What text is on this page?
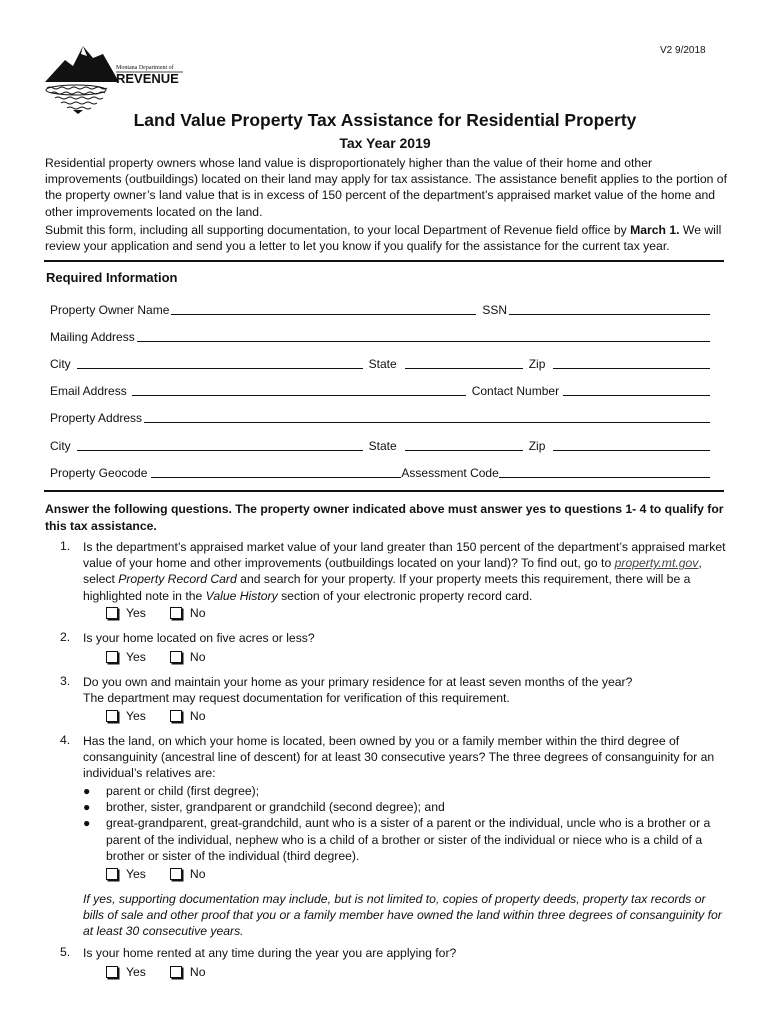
V2 9/2018
Montana Department of
REVENUE
Land Value Property Tax Assistance for Residential Property
Tax Year 2019
Residential property owners whose land value is disproportionately higher than the value of their home and other improvements (outbuildings) located on their land may apply for tax assistance. The assistance benefit applies to the portion of the property owner’s land value that is in excess of 150 percent of the department’s appraised market value of the home and other improvements located on the land.
Submit this form, including all supporting documentation, to your local Department of Revenue field office by March 1. We will review your application and send you a letter to let you know if you qualify for the assistance for the current tax year.
Required Information
Property Owner Name	SSN
Mailing Address
City	State	Zip
Email Address	Contact Number
Property Address
City	State	Zip
Property Geocode	Assessment Code
Answer the following questions. The property owner indicated above must answer yes to questions 1- 4 to qualify for this tax assistance.
1. Is the department’s appraised market value of your land greater than 150 percent of the department’s appraised market value of your home and other improvements (outbuildings located on your land)? To find out, go to property.mt.gov, select Property Record Card and search for your property. If your property meets this requirement, there will be a highlighted note in the Value History section of your electronic property record card.
Yes	No
2. Is your home located on five acres or less?
Yes	No
3. Do you own and maintain your home as your primary residence for at least seven months of the year?
The department may request documentation for verification of this requirement.
Yes	No
4. Has the land, on which your home is located, been owned by you or a family member within the third degree of consanguinity (ancestral line of descent) for at least 30 consecutive years? The three degrees of consanguinity for an individual’s relatives are:
● parent or child (first degree);
● brother, sister, grandparent or grandchild (second degree); and
● great-grandparent, great-grandchild, aunt who is a sister of a parent or the individual, uncle who is a brother or a parent of the individual, nephew who is a child of a brother or sister of the individual or niece who is a child of a brother or sister of the individual (third degree).
Yes	No
If yes, supporting documentation may include, but is not limited to, copies of property deeds, property tax records or bills of sale and other proof that you or a family member have owned the land within three degrees of consanguinity for at least 30 consecutive years.
5. Is your home rented at any time during the year you are applying for?
Yes	No
